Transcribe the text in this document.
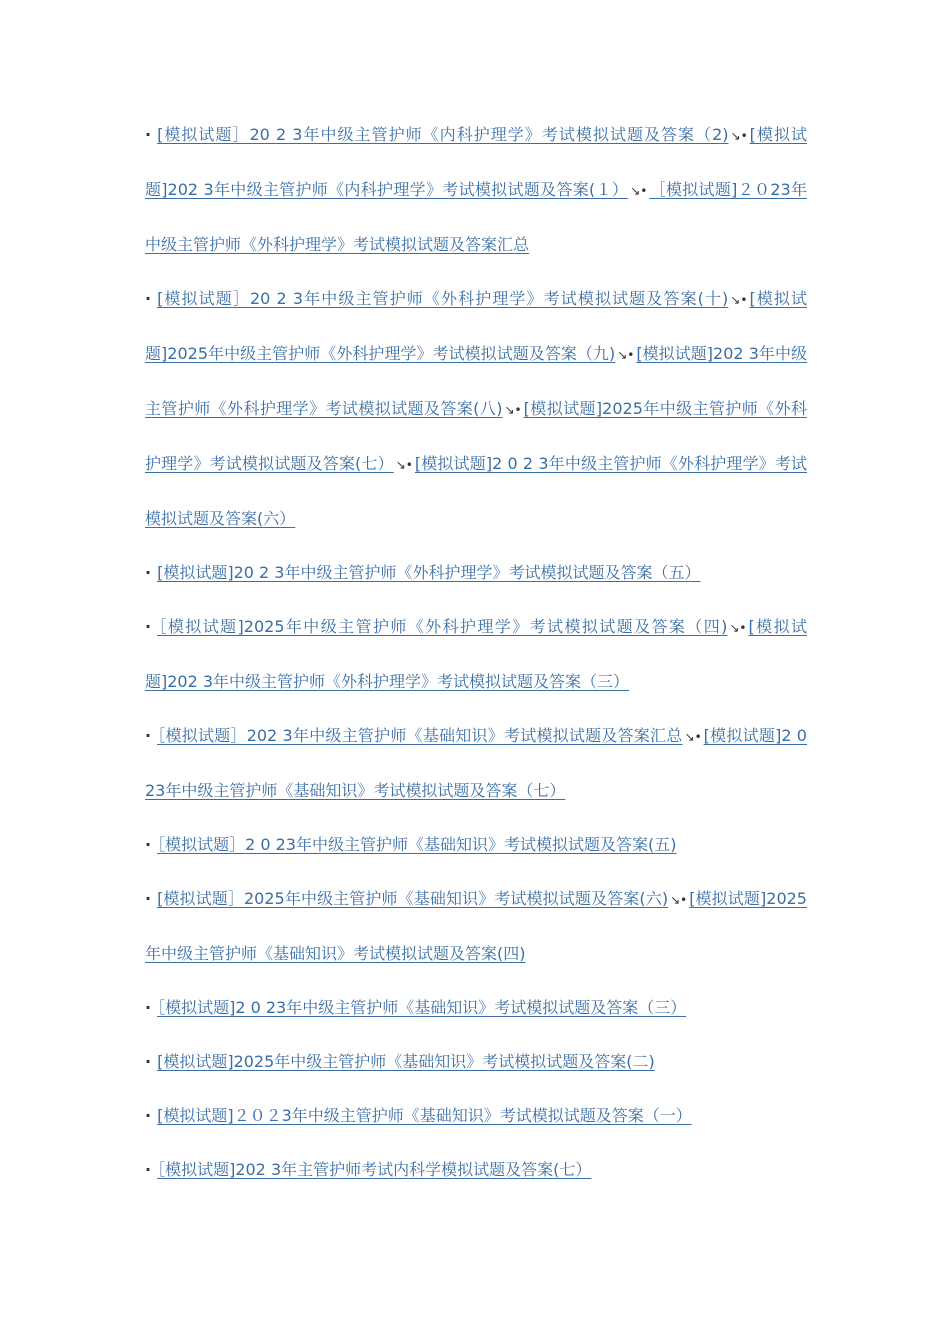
· [模拟试题］20 2 3年中级主管护师《内科护理学》考试模拟试题及答案（2) ↘• [模拟试题]202 3年中级主管护师《内科护理学》考试模拟试题及答案(１） ↘• ［模拟试题]２０23年中级主管护师《外科护理学》考试模拟试题及答案汇总

· [模拟试题］20 2 3年中级主管护师《外科护理学》考试模拟试题及答案(十) ↘• [模拟试题]2025年中级主管护师《外科护理学》考试模拟试题及答案（九) ↘• [模拟试题]202 3年中级主管护师《外科护理学》考试模拟试题及答案(八) ↘• [模拟试题]2025年中级主管护师《外科护理学》考试模拟试题及答案(七） ↘• [模拟试题]2 0 2 3年中级主管护师《外科护理学》考试模拟试题及答案(六）

· [模拟试题]20 2 3年中级主管护师《外科护理学》考试模拟试题及答案（五）

· ［模拟试题]2025年中级主管护师《外科护理学》考试模拟试题及答案（四) ↘• [模拟试题]202 3年中级主管护师《外科护理学》考试模拟试题及答案（三）

· ［模拟试题］202 3年中级主管护师《基础知识》考试模拟试题及答案汇总 ↘• [模拟试题]2 0 23年中级主管护师《基础知识》考试模拟试题及答案（七）

· ［模拟试题］2 0 23年中级主管护师《基础知识》考试模拟试题及答案(五)

· [模拟试题］2025年中级主管护师《基础知识》考试模拟试题及答案(六) ↘• [模拟试题]2025年中级主管护师《基础知识》考试模拟试题及答案(四)

· ［模拟试题]2 0 23年中级主管护师《基础知识》考试模拟试题及答案（三）

· [模拟试题]2025年中级主管护师《基础知识》考试模拟试题及答案(二)

· [模拟试题]２０２3年中级主管护师《基础知识》考试模拟试题及答案（一）

· ［模拟试题]202 3年主管护师考试内科学模拟试题及答案(七）
